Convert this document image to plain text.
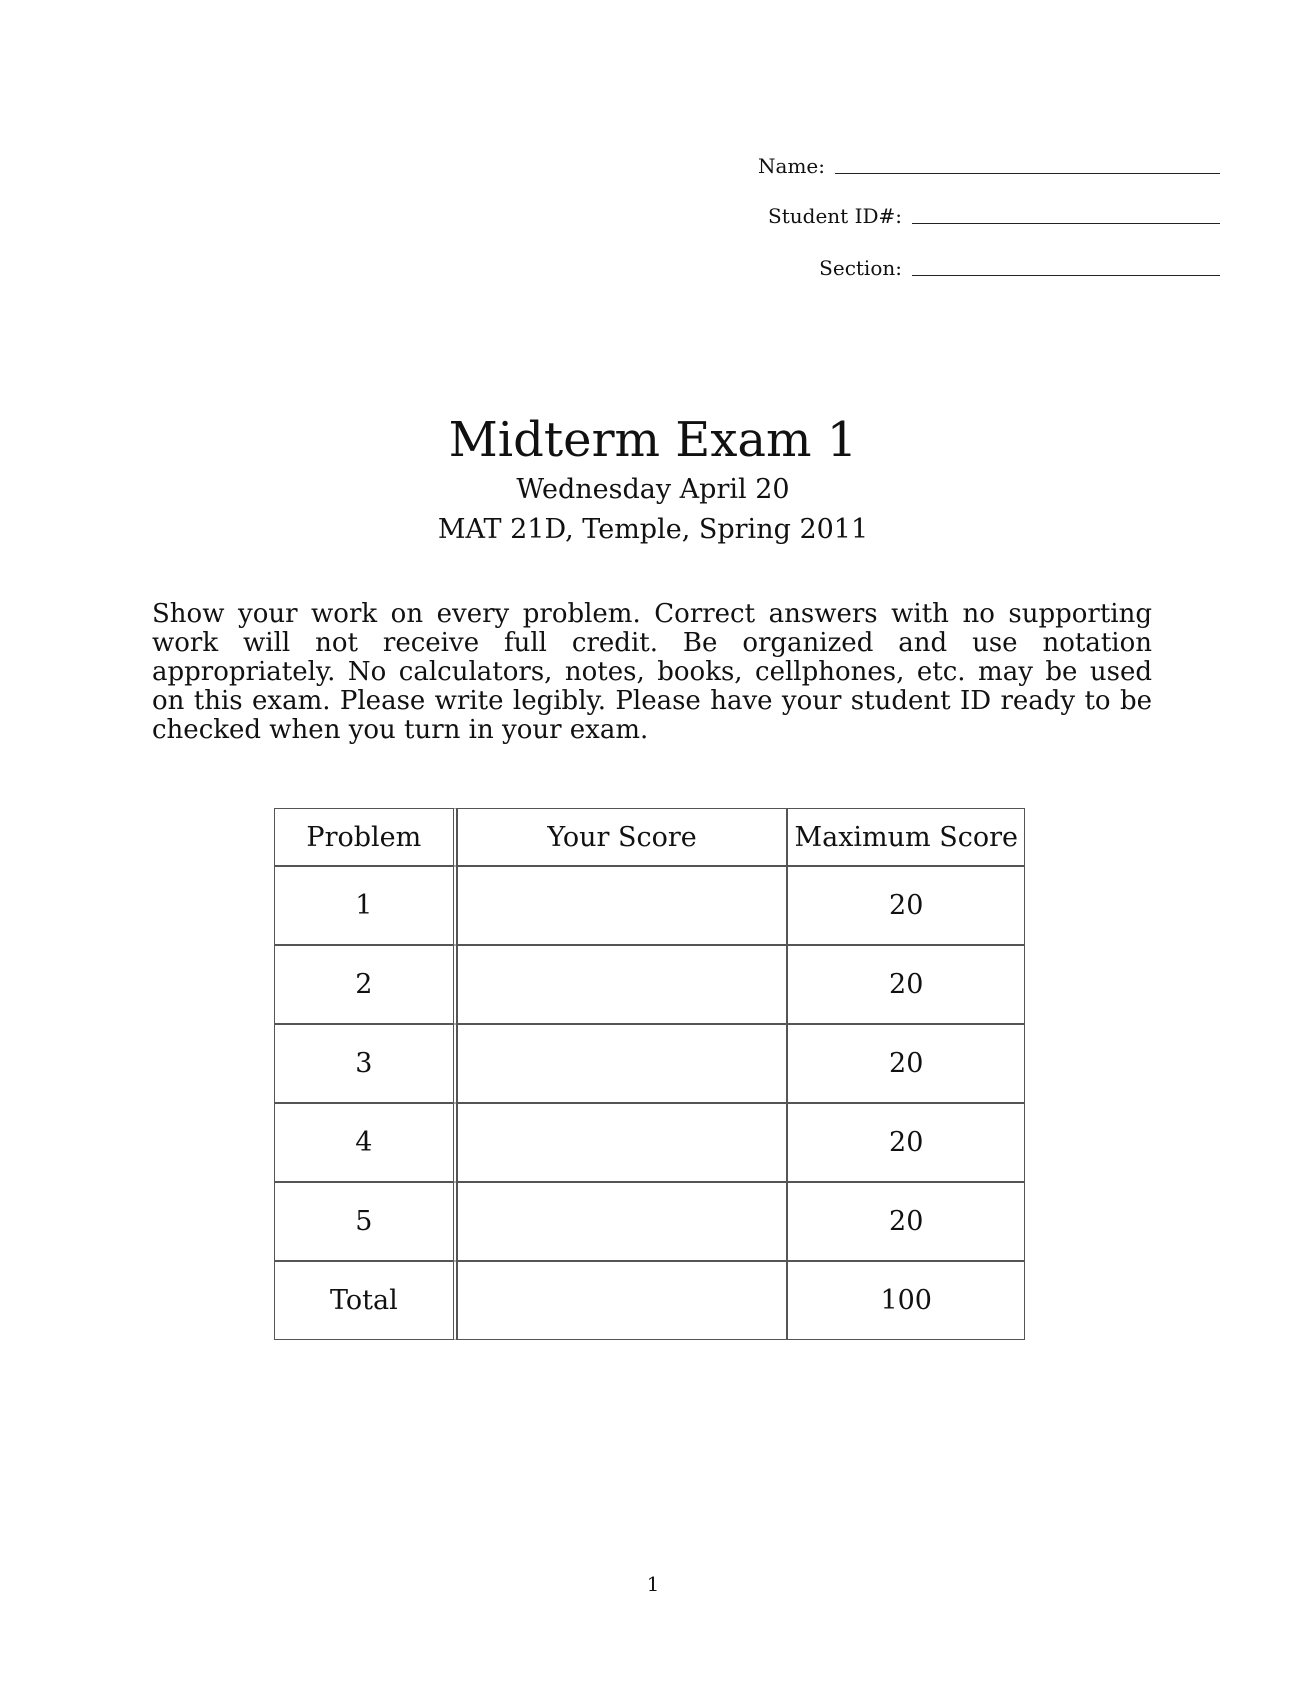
Name:
Student ID#:
Section:
Midterm Exam 1
Wednesday April 20
MAT 21D, Temple, Spring 2011

Show your work on every problem. Correct answers with no supporting work will not receive full credit. Be organized and use notation appropriately. No calculators, notes, books, cellphones, etc. may be used on this exam. Please write legibly. Please have your student ID ready to be checked when you turn in your exam.

Problem	Your Score	Maximum Score
1		20
2		20
3		20
4		20
5		20
Total		100
1
